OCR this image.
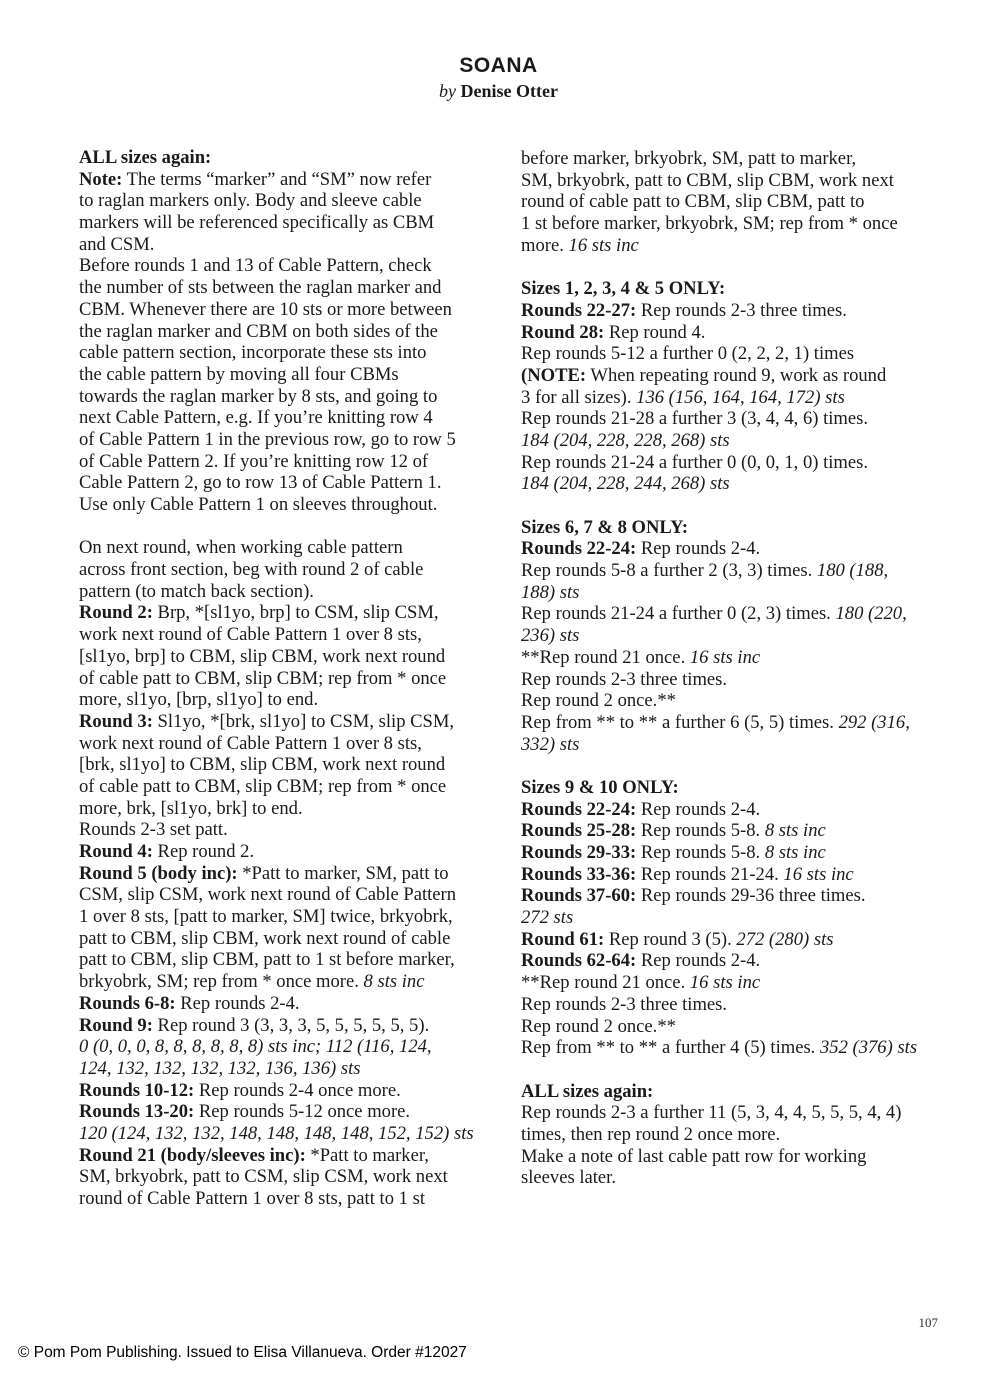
SOANA
by Denise Otter
ALL sizes again:
Note: The terms “marker” and “SM” now refer
to raglan markers only. Body and sleeve cable
markers will be referenced specifically as CBM
and CSM.
Before rounds 1 and 13 of Cable Pattern, check
the number of sts between the raglan marker and
CBM. Whenever there are 10 sts or more between
the raglan marker and CBM on both sides of the
cable pattern section, incorporate these sts into
the cable pattern by moving all four CBMs
towards the raglan marker by 8 sts, and going to
next Cable Pattern, e.g. If you’re knitting row 4
of Cable Pattern 1 in the previous row, go to row 5
of Cable Pattern 2. If you’re knitting row 12 of
Cable Pattern 2, go to row 13 of Cable Pattern 1.
Use only Cable Pattern 1 on sleeves throughout.
On next round, when working cable pattern
across front section, beg with round 2 of cable
pattern (to match back section).
Round 2: Brp, *[sl1yo, brp] to CSM, slip CSM,
work next round of Cable Pattern 1 over 8 sts,
[sl1yo, brp] to CBM, slip CBM, work next round
of cable patt to CBM, slip CBM; rep from * once
more, sl1yo, [brp, sl1yo] to end.
Round 3: Sl1yo, *[brk, sl1yo] to CSM, slip CSM,
work next round of Cable Pattern 1 over 8 sts,
[brk, sl1yo] to CBM, slip CBM, work next round
of cable patt to CBM, slip CBM; rep from * once
more, brk, [sl1yo, brk] to end.
Rounds 2-3 set patt.
Round 4: Rep round 2.
Round 5 (body inc): *Patt to marker, SM, patt to
CSM, slip CSM, work next round of Cable Pattern
1 over 8 sts, [patt to marker, SM] twice, brkyobrk,
patt to CBM, slip CBM, work next round of cable
patt to CBM, slip CBM, patt to 1 st before marker,
brkyobrk, SM; rep from * once more. 8 sts inc
Rounds 6-8: Rep rounds 2-4.
Round 9: Rep round 3 (3, 3, 3, 5, 5, 5, 5, 5, 5).
0 (0, 0, 0, 8, 8, 8, 8, 8, 8) sts inc; 112 (116, 124,
124, 132, 132, 132, 132, 136, 136) sts
Rounds 10-12: Rep rounds 2-4 once more.
Rounds 13-20: Rep rounds 5-12 once more.
120 (124, 132, 132, 148, 148, 148, 148, 152, 152) sts
Round 21 (body/sleeves inc): *Patt to marker,
SM, brkyobrk, patt to CSM, slip CSM, work next
round of Cable Pattern 1 over 8 sts, patt to 1 st
before marker, brkyobrk, SM, patt to marker,
SM, brkyobrk, patt to CBM, slip CBM, work next
round of cable patt to CBM, slip CBM, patt to
1 st before marker, brkyobrk, SM; rep from * once
more. 16 sts inc
Sizes 1, 2, 3, 4 & 5 ONLY:
Rounds 22-27: Rep rounds 2-3 three times.
Round 28: Rep round 4.
Rep rounds 5-12 a further 0 (2, 2, 2, 1) times
(NOTE: When repeating round 9, work as round
3 for all sizes). 136 (156, 164, 164, 172) sts
Rep rounds 21-28 a further 3 (3, 4, 4, 6) times.
184 (204, 228, 228, 268) sts
Rep rounds 21-24 a further 0 (0, 0, 1, 0) times.
184 (204, 228, 244, 268) sts
Sizes 6, 7 & 8 ONLY:
Rounds 22-24: Rep rounds 2-4.
Rep rounds 5-8 a further 2 (3, 3) times. 180 (188,
188) sts
Rep rounds 21-24 a further 0 (2, 3) times. 180 (220,
236) sts
**Rep round 21 once. 16 sts inc
Rep rounds 2-3 three times.
Rep round 2 once.**
Rep from ** to ** a further 6 (5, 5) times. 292 (316,
332) sts
Sizes 9 & 10 ONLY:
Rounds 22-24: Rep rounds 2-4.
Rounds 25-28: Rep rounds 5-8. 8 sts inc
Rounds 29-33: Rep rounds 5-8. 8 sts inc
Rounds 33-36: Rep rounds 21-24. 16 sts inc
Rounds 37-60: Rep rounds 29-36 three times.
272 sts
Round 61: Rep round 3 (5). 272 (280) sts
Rounds 62-64: Rep rounds 2-4.
**Rep round 21 once. 16 sts inc
Rep rounds 2-3 three times.
Rep round 2 once.**
Rep from ** to ** a further 4 (5) times. 352 (376) sts
ALL sizes again:
Rep rounds 2-3 a further 11 (5, 3, 4, 4, 5, 5, 5, 4, 4)
times, then rep round 2 once more.
Make a note of last cable patt row for working
sleeves later.
107
© Pom Pom Publishing. Issued to Elisa Villanueva. Order #12027
